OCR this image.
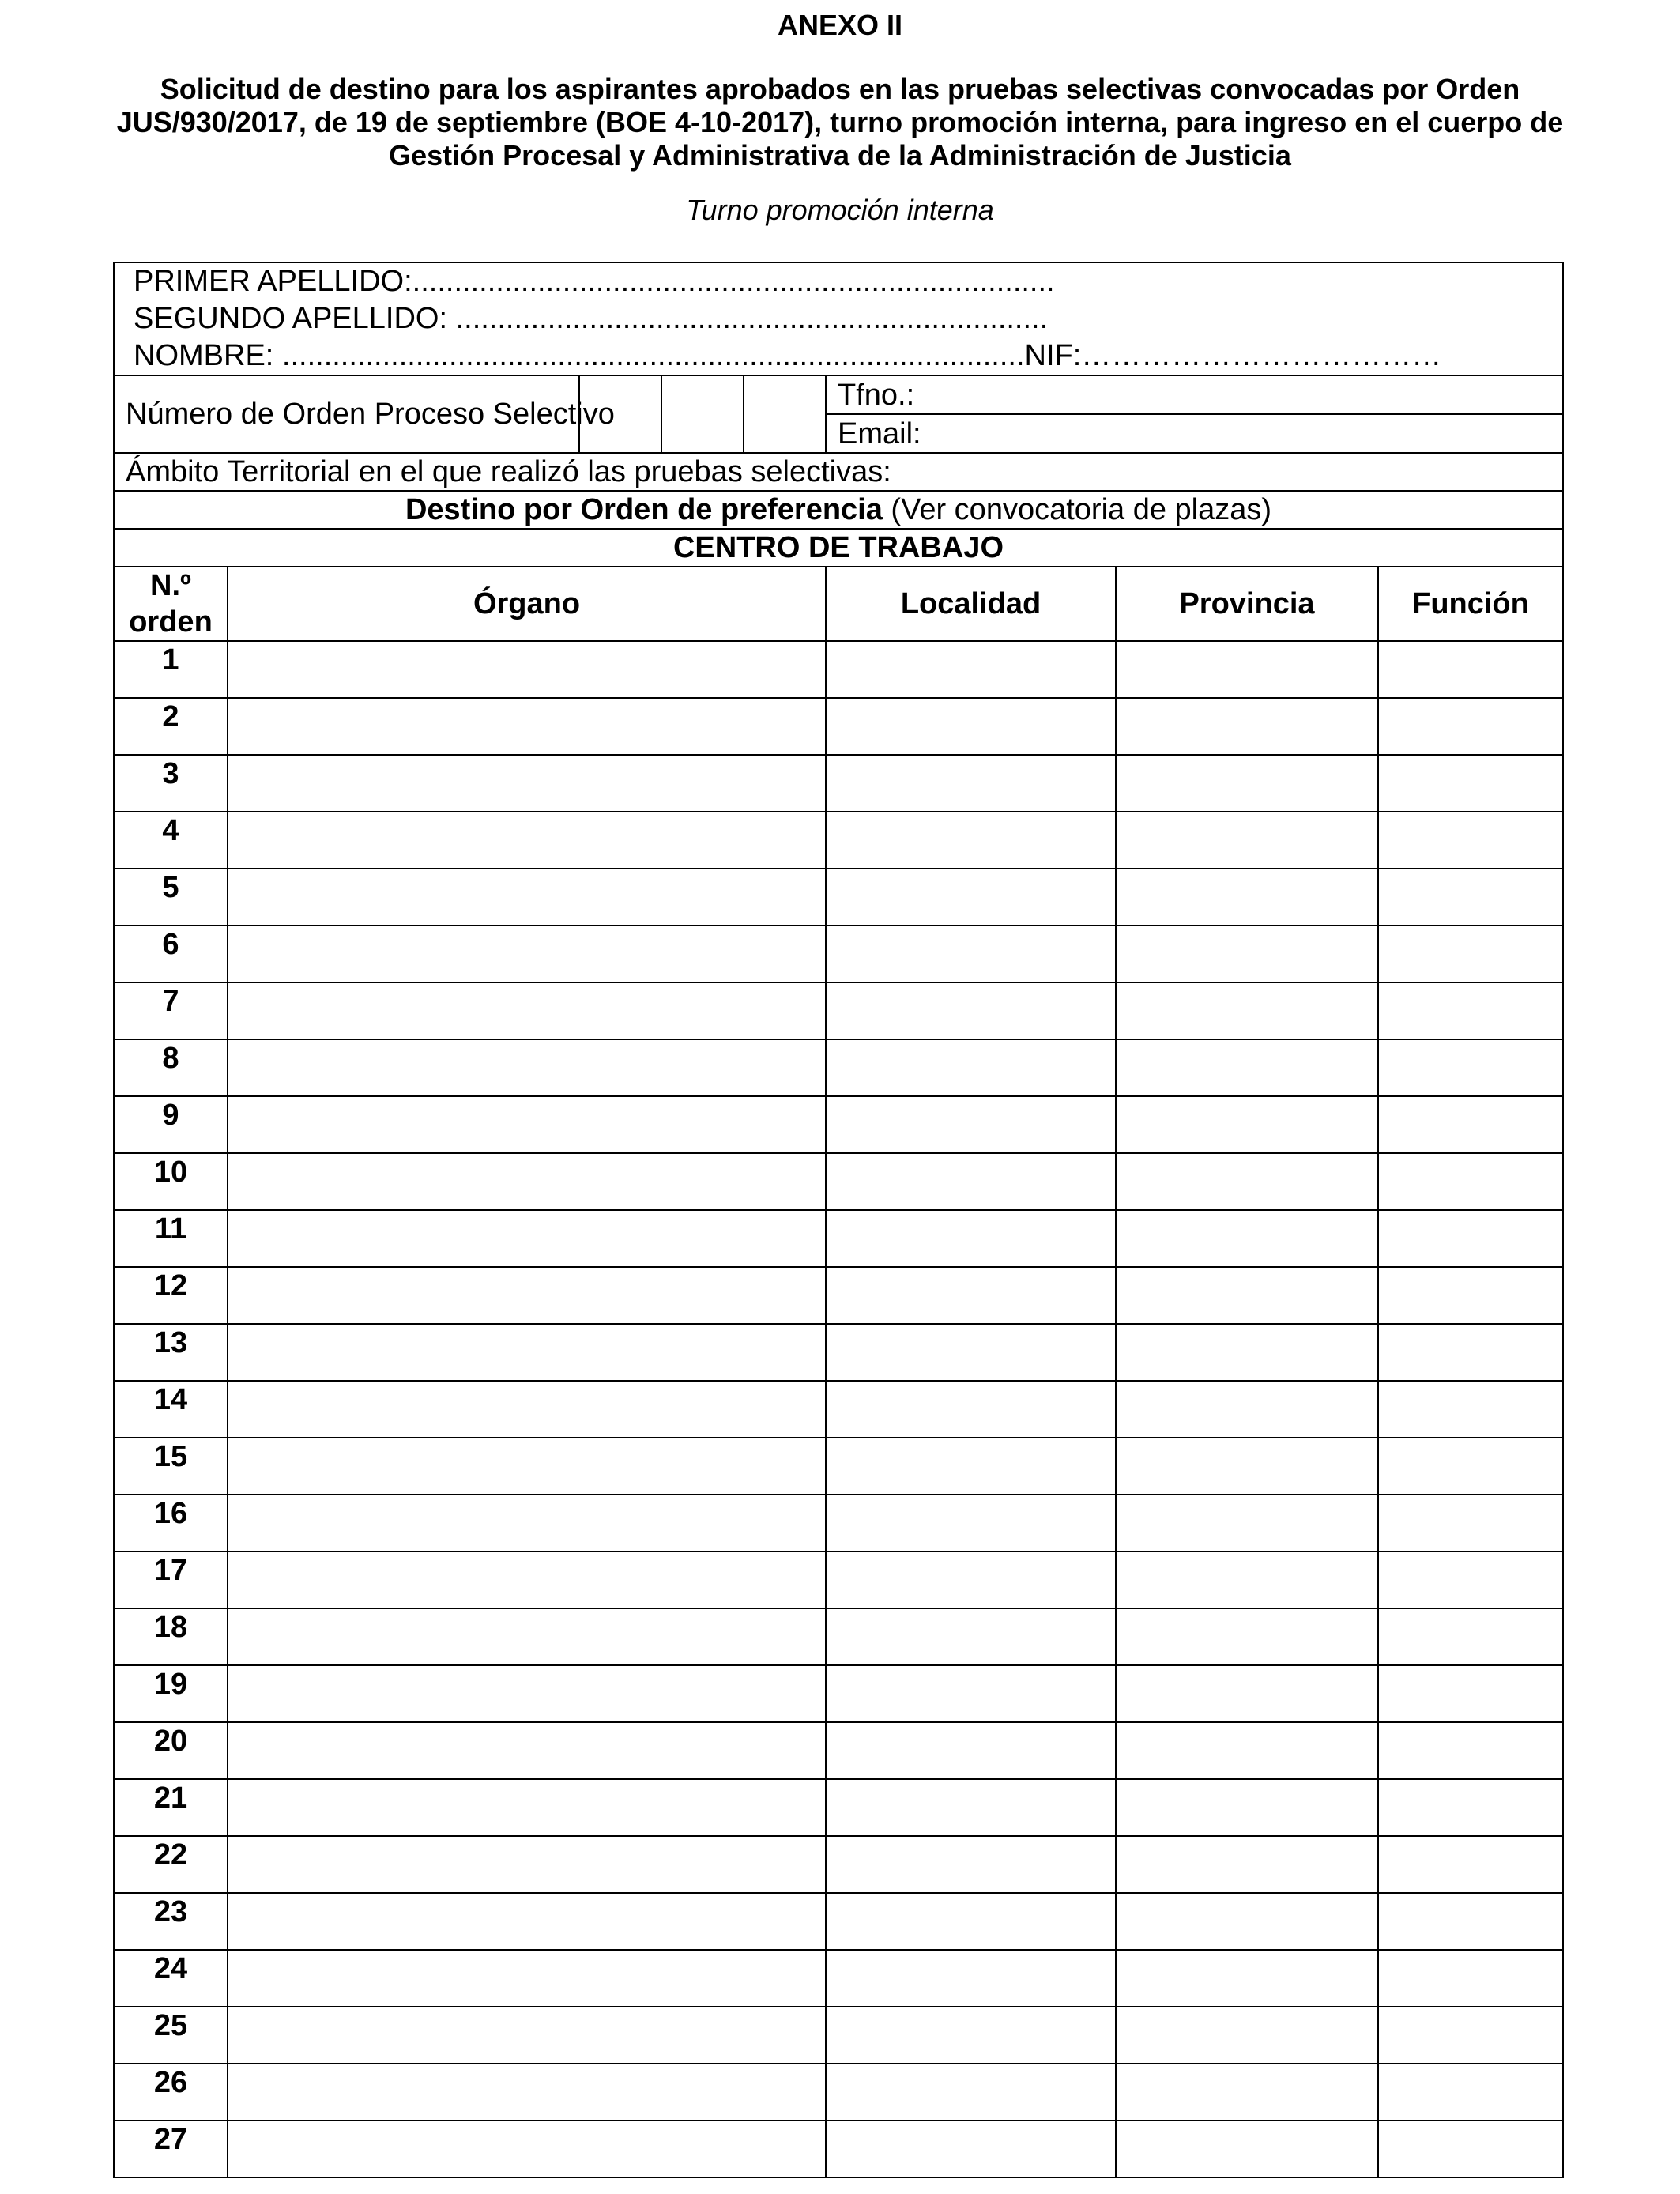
ANEXO II
Solicitud de destino para los aspirantes aprobados en las pruebas selectivas convocadas por Orden JUS/930/2017, de 19 de septiembre (BOE 4-10-2017), turno promoción interna, para ingreso en el cuerpo de Gestión Procesal y Administrativa de la Administración de Justicia
Turno promoción interna
PRIMER APELLIDO:.............................................................................
SEGUNDO APELLIDO: .......................................................................
NOMBRE: .........................................................................................NIF:………………………………

Número de Orden Proceso Selectivo				
Tfno.:
Email:

Ámbito Territorial en el que realizó las pruebas selectivas:
Destino por Orden de preferencia (Ver convocatoria de plazas)
CENTRO DE TRABAJO

N.º
orden
	Órgano	Localidad	Provincia	Función
1				
2				
3				
4				
5				
6				
7				
8				
9				
10				
11				
12				
13				
14				
15				
16				
17				
18				
19				
20				
21				
22				
23				
24				
25				
26				
27				
